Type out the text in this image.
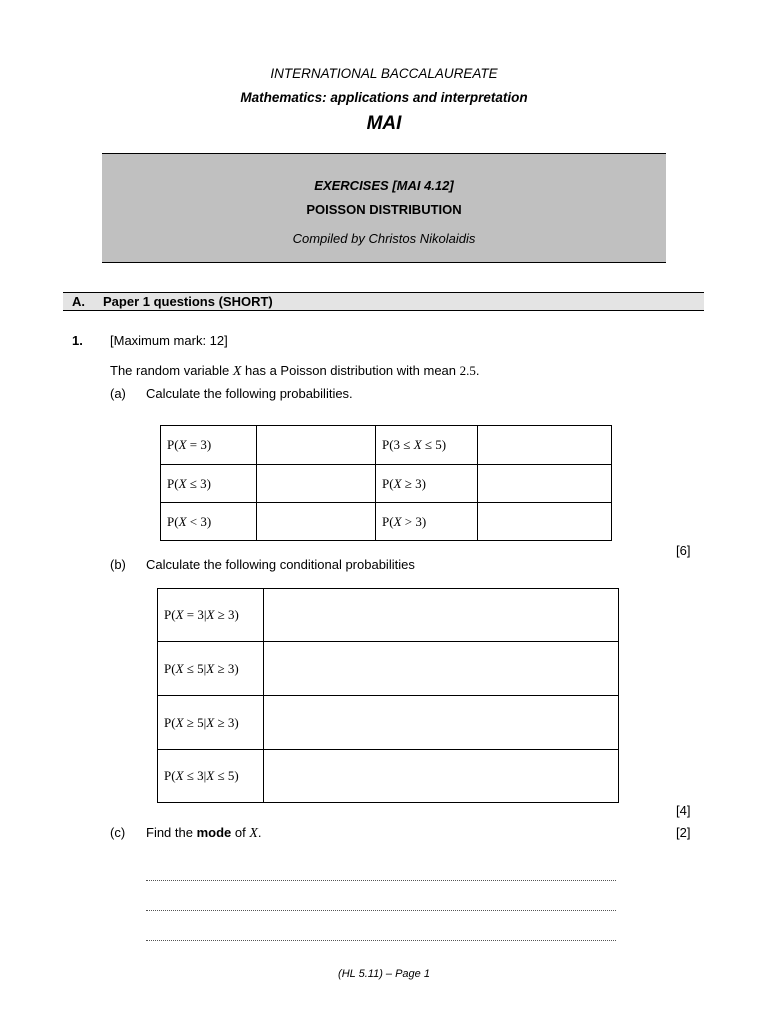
INTERNATIONAL BACCALAUREATE
Mathematics: applications and interpretation
MAI
EXERCISES [MAI 4.12]
POISSON DISTRIBUTION
Compiled by Christos Nikolaidis
A. Paper 1 questions (SHORT)
1. [Maximum mark: 12]
The random variable X has a Poisson distribution with mean 2.5.
(a) Calculate the following probabilities.
P(X = 3)		P(3 ≤ X ≤ 5)	
P(X ≤ 3)		P(X ≥ 3)	
P(X < 3)		P(X > 3)	
[6]
(b) Calculate the following conditional probabilities
P(X = 3|X ≥ 3)	
P(X ≤ 5|X ≥ 3)	
P(X ≥ 5|X ≥ 3)	
P(X ≤ 3|X ≤ 5)	
[4]
(c) Find the mode of X.	[2]
(HL 5.11) – Page 1
